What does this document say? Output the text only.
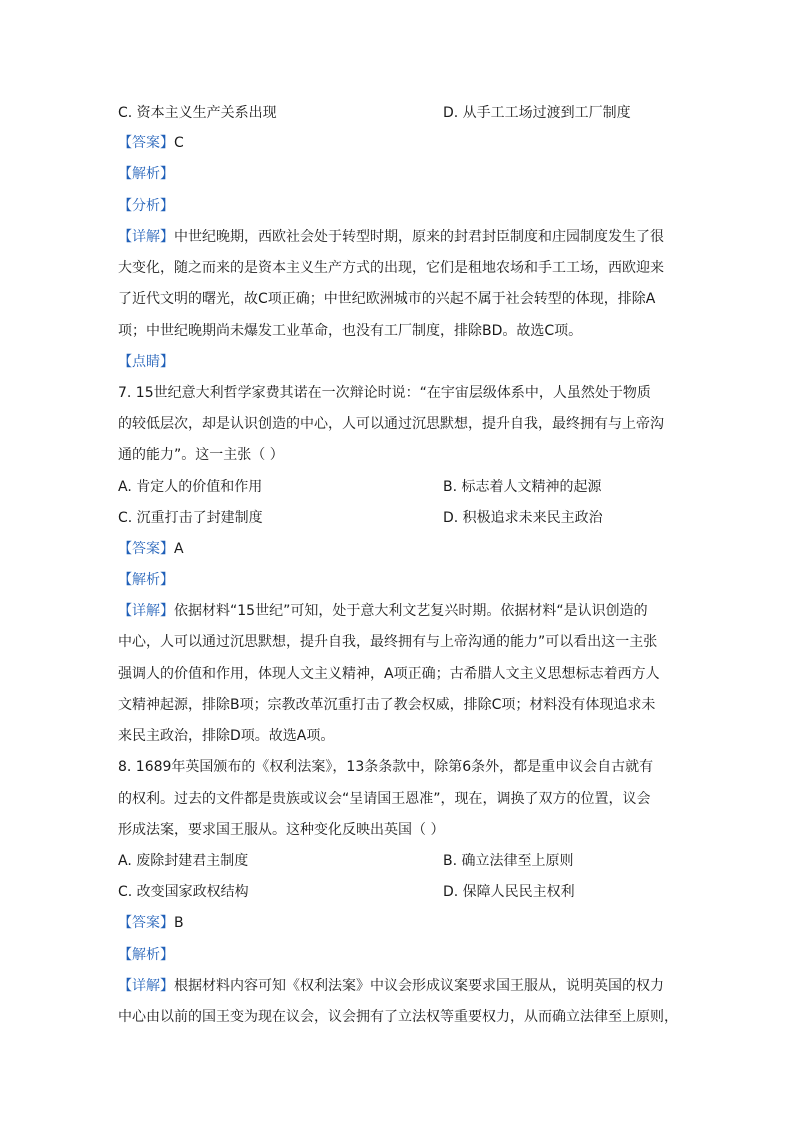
C. 资本主义生产关系出现	D. 从手工工场过渡到工厂制度
【答案】C
【解析】
【分析】
【详解】中世纪晚期，西欧社会处于转型时期，原来的封君封臣制度和庄园制度发生了很
大变化，随之而来的是资本主义生产方式的出现，它们是租地农场和手工工场，西欧迎来
了近代文明的曙光，故C项正确；中世纪欧洲城市的兴起不属于社会转型的体现，排除A
项；中世纪晚期尚未爆发工业革命，也没有工厂制度，排除BD。故选C项。
【点睛】
7. 15世纪意大利哲学家费其诺在一次辩论时说：“在宇宙层级体系中，人虽然处于物质
的较低层次，却是认识创造的中心，人可以通过沉思默想，提升自我，最终拥有与上帝沟
通的能力”。这一主张（ ）
A. 肯定人的价值和作用	B. 标志着人文精神的起源
C. 沉重打击了封建制度	D. 积极追求未来民主政治
【答案】A
【解析】
【详解】依据材料“15世纪”可知，处于意大利文艺复兴时期。依据材料“是认识创造的
中心，人可以通过沉思默想，提升自我，最终拥有与上帝沟通的能力”可以看出这一主张
强调人的价值和作用，体现人文主义精神，A项正确；古希腊人文主义思想标志着西方人
文精神起源，排除B项；宗教改革沉重打击了教会权威，排除C项；材料没有体现追求未
来民主政治，排除D项。故选A项。
8. 1689年英国颁布的《权利法案》，13条条款中，除第6条外，都是重申议会自古就有
的权利。过去的文件都是贵族或议会“呈请国王恩准”，现在，调换了双方的位置，议会
形成法案，要求国王服从。这种变化反映出英国（ ）
A. 废除封建君主制度	B. 确立法律至上原则
C. 改变国家政权结构	D. 保障人民民主权利
【答案】B
【解析】
【详解】根据材料内容可知《权利法案》中议会形成议案要求国王服从，说明英国的权力
中心由以前的国王变为现在议会，议会拥有了立法权等重要权力，从而确立法律至上原则，
